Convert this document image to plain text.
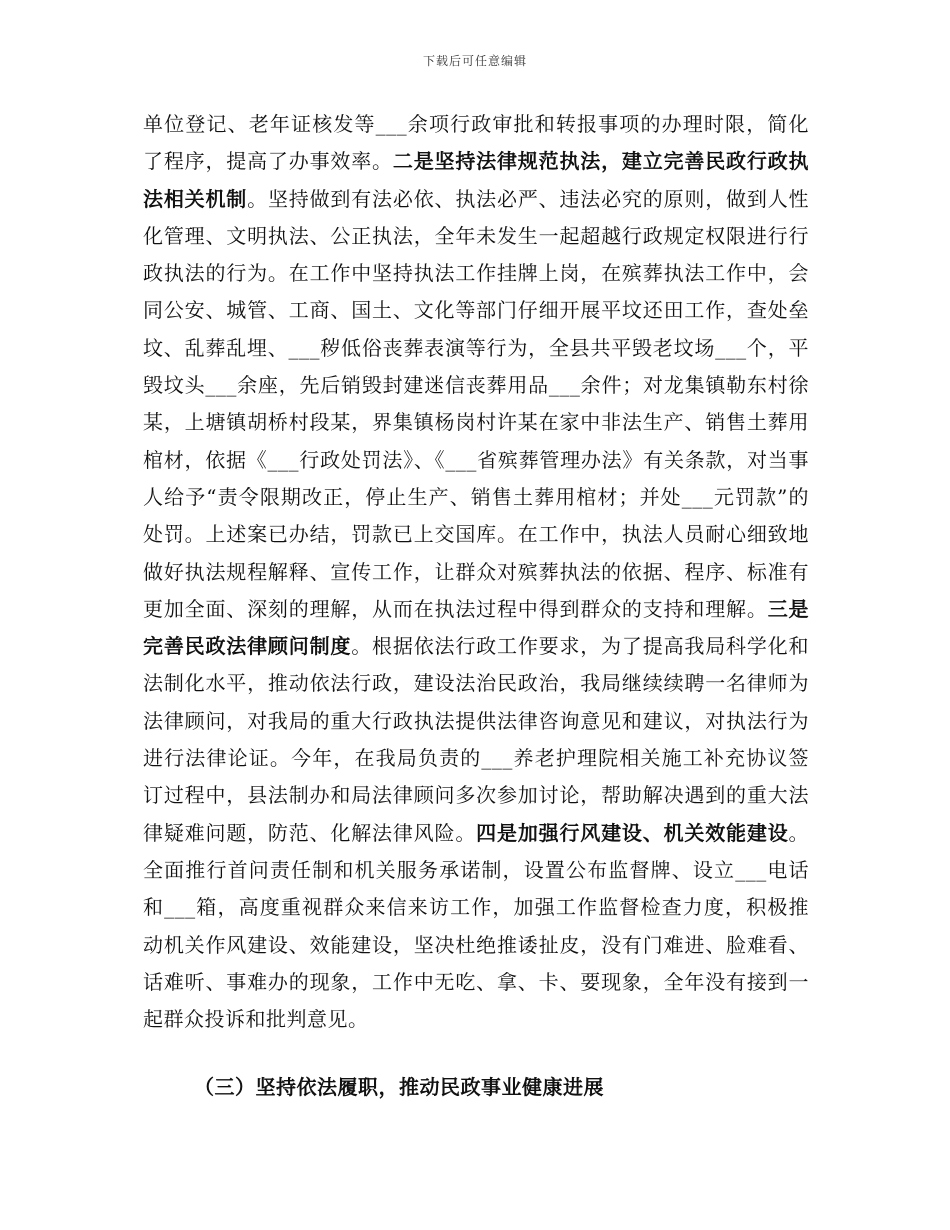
下载后可任意编辑

单位登记、老年证核发等___余项行政审批和转报事项的办理时限，简化了程序，提高了办事效率。二是坚持法律规范执法，建立完善民政行政执法相关机制。坚持做到有法必依、执法必严、违法必究的原则，做到人性化管理、文明执法、公正执法，全年未发生一起超越行政规定权限进行行政执法的行为。在工作中坚持执法工作挂牌上岗，在殡葬执法工作中，会同公安、城管、工商、国土、文化等部门仔细开展平坟还田工作，查处垒坟、乱葬乱埋、___秽低俗丧葬表演等行为，全县共平毁老坟场___个，平毁坟头___余座，先后销毁封建迷信丧葬用品___余件；对龙集镇勒东村徐某，上塘镇胡桥村段某，界集镇杨岗村许某在家中非法生产、销售土葬用棺材，依据《___行政处罚法》、《___省殡葬管理办法》有关条款，对当事人给予“责令限期改正，停止生产、销售土葬用棺材；并处___元罚款”的处罚。上述案已办结，罚款已上交国库。在工作中，执法人员耐心细致地做好执法规程解释、宣传工作，让群众对殡葬执法的依据、程序、标准有更加全面、深刻的理解，从而在执法过程中得到群众的支持和理解。三是完善民政法律顾问制度。根据依法行政工作要求，为了提高我局科学化和法制化水平，推动依法行政，建设法治民政治，我局继续续聘一名律师为法律顾问，对我局的重大行政执法提供法律咨询意见和建议，对执法行为进行法律论证。今年，在我局负责的___养老护理院相关施工补充协议签订过程中，县法制办和局法律顾问多次参加讨论，帮助解决遇到的重大法律疑难问题，防范、化解法律风险。四是加强行风建设、机关效能建设。全面推行首问责任制和机关服务承诺制，设置公布监督牌、设立___电话和___箱，高度重视群众来信来访工作，加强工作监督检查力度，积极推动机关作风建设、效能建设，坚决杜绝推诿扯皮，没有门难进、脸难看、话难听、事难办的现象，工作中无吃、拿、卡、要现象，全年没有接到一起群众投诉和批判意见。

（三）坚持依法履职，推动民政事业健康进展
